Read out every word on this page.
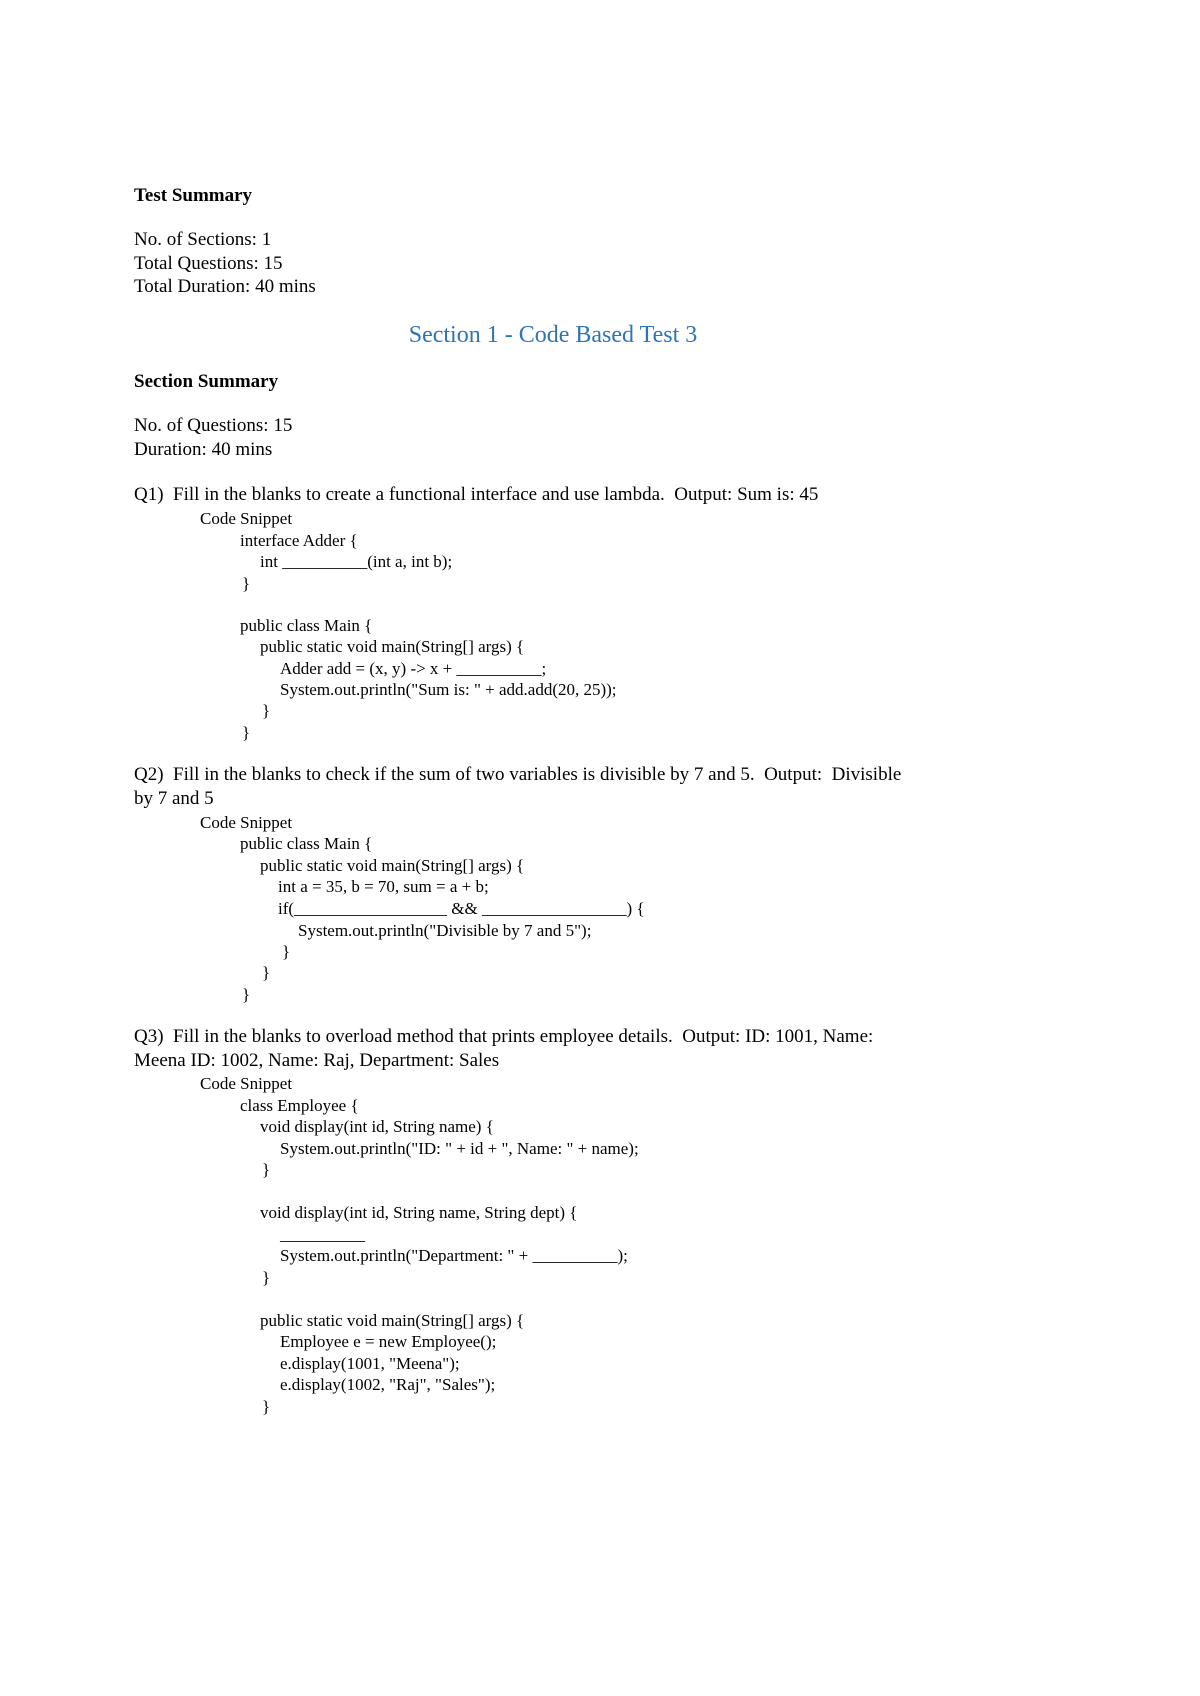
Test Summary
No. of Sections: 1
Total Questions: 15
Total Duration: 40 mins
Section 1 - Code Based Test 3
Section Summary
No. of Questions: 15
Duration: 40 mins
Q1)  Fill in the blanks to create a functional interface and use lambda.  Output: Sum is: 45
Code Snippet
interface Adder {
int __________(int a, int b);
}
public class Main {
public static void main(String[] args) {
Adder add = (x, y) -> x + __________;
System.out.println("Sum is: " + add.add(20, 25));
}
}
Q2)  Fill in the blanks to check if the sum of two variables is divisible by 7 and 5.  Output:  Divisible
by 7 and 5
Code Snippet
public class Main {
public static void main(String[] args) {
int a = 35, b = 70, sum = a + b;
if(__________________ && _________________) {
System.out.println("Divisible by 7 and 5");
}
}
}
Q3)  Fill in the blanks to overload method that prints employee details.  Output: ID: 1001, Name:
Meena ID: 1002, Name: Raj, Department: Sales
Code Snippet
class Employee {
void display(int id, String name) {
System.out.println("ID: " + id + ", Name: " + name);
}
void display(int id, String name, String dept) {
__________
System.out.println("Department: " + __________);
}
public static void main(String[] args) {
Employee e = new Employee();
e.display(1001, "Meena");
e.display(1002, "Raj", "Sales");
}
